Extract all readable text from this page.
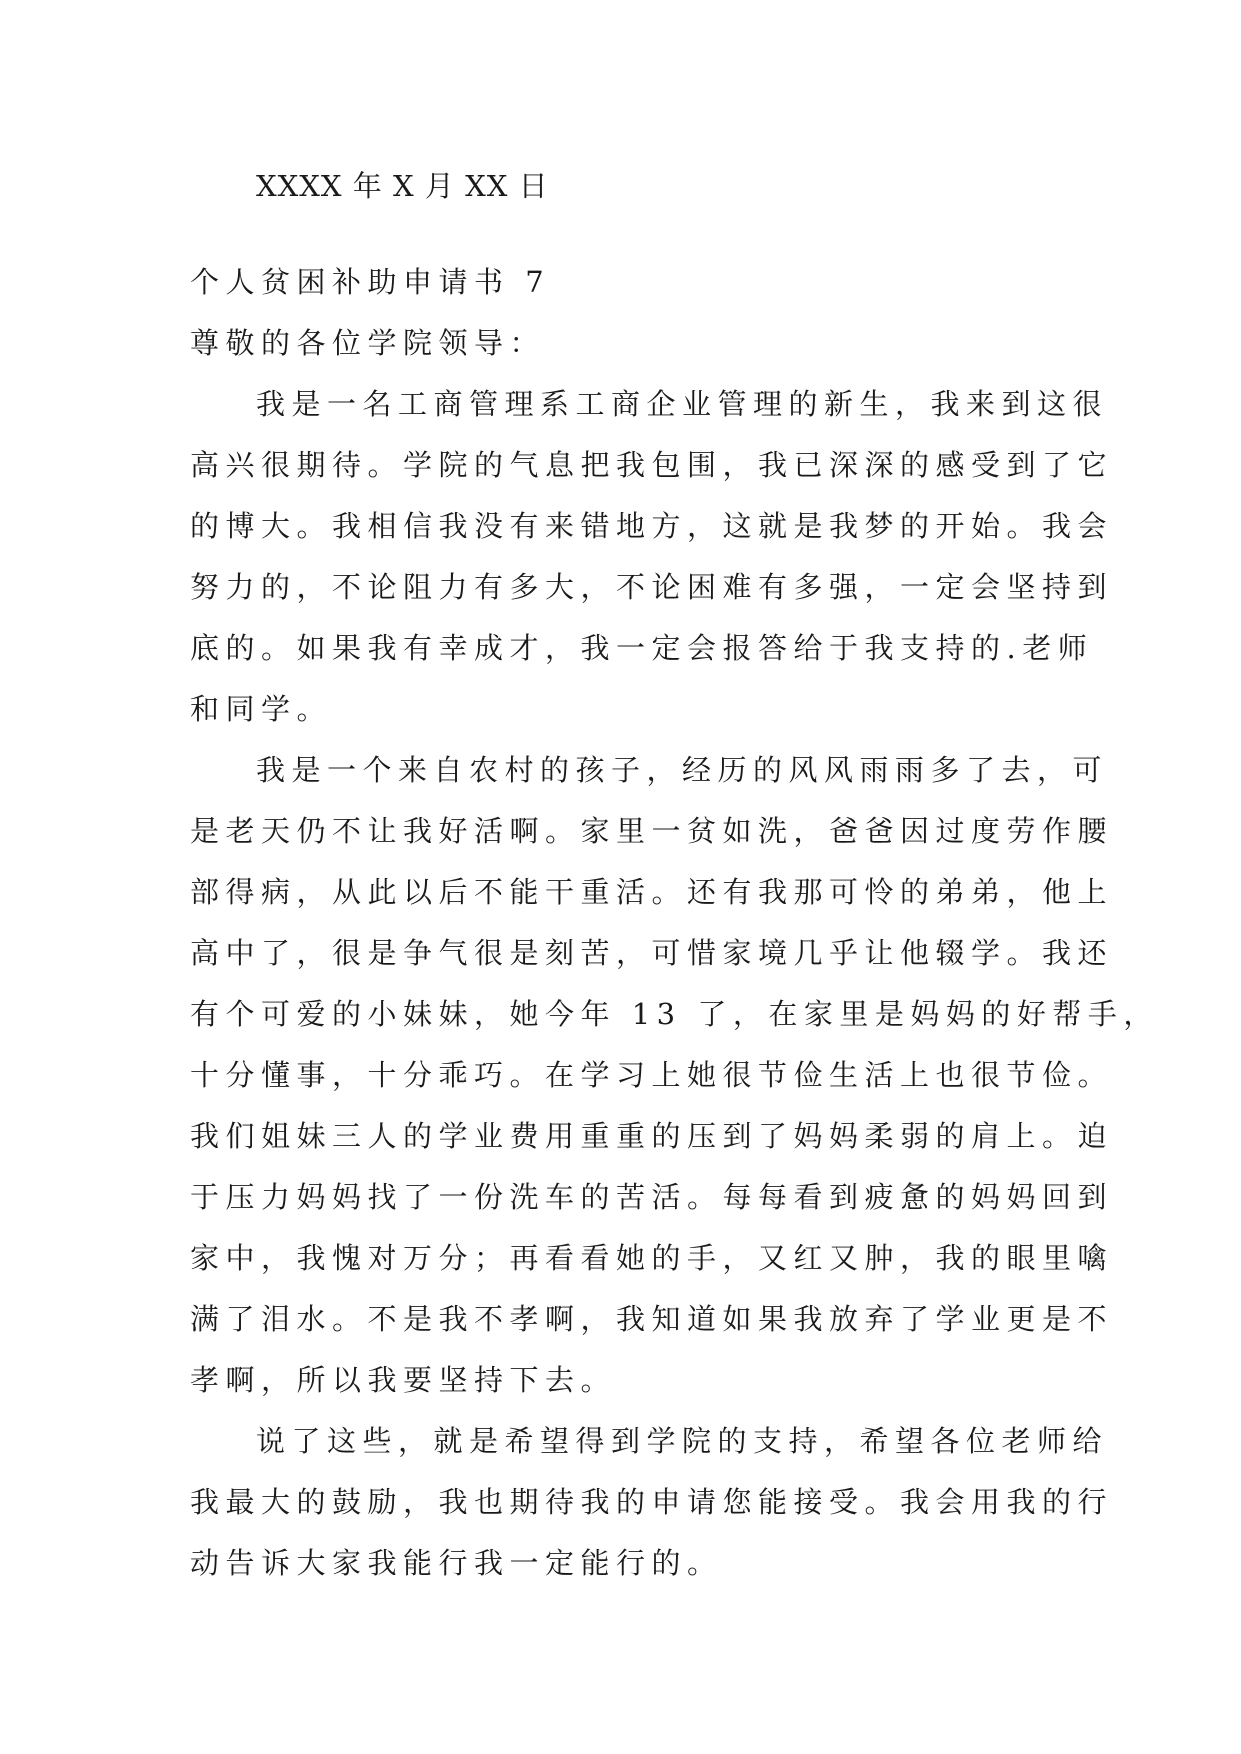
XXXX 年 X 月 XX 日
个人贫困补助申请书 7
尊敬的各位学院领导：
我是一名工商管理系工商企业管理的新生，我来到这很
高兴很期待。学院的气息把我包围，我已深深的感受到了它
的博大。我相信我没有来错地方，这就是我梦的开始。我会
努力的，不论阻力有多大，不论困难有多强，一定会坚持到
底的。如果我有幸成才，我一定会报答给于我支持的.老师
和同学。
我是一个来自农村的孩子，经历的风风雨雨多了去，可
是老天仍不让我好活啊。家里一贫如洗，爸爸因过度劳作腰
部得病，从此以后不能干重活。还有我那可怜的弟弟，他上
高中了，很是争气很是刻苦，可惜家境几乎让他辍学。我还
有个可爱的小妹妹，她今年 13 了，在家里是妈妈的好帮手，
十分懂事，十分乖巧。在学习上她很节俭生活上也很节俭。
我们姐妹三人的学业费用重重的压到了妈妈柔弱的肩上。迫
于压力妈妈找了一份洗车的苦活。每每看到疲惫的妈妈回到
家中，我愧对万分；再看看她的手，又红又肿，我的眼里噙
满了泪水。不是我不孝啊，我知道如果我放弃了学业更是不
孝啊，所以我要坚持下去。
说了这些，就是希望得到学院的支持，希望各位老师给
我最大的鼓励，我也期待我的申请您能接受。我会用我的行
动告诉大家我能行我一定能行的。
